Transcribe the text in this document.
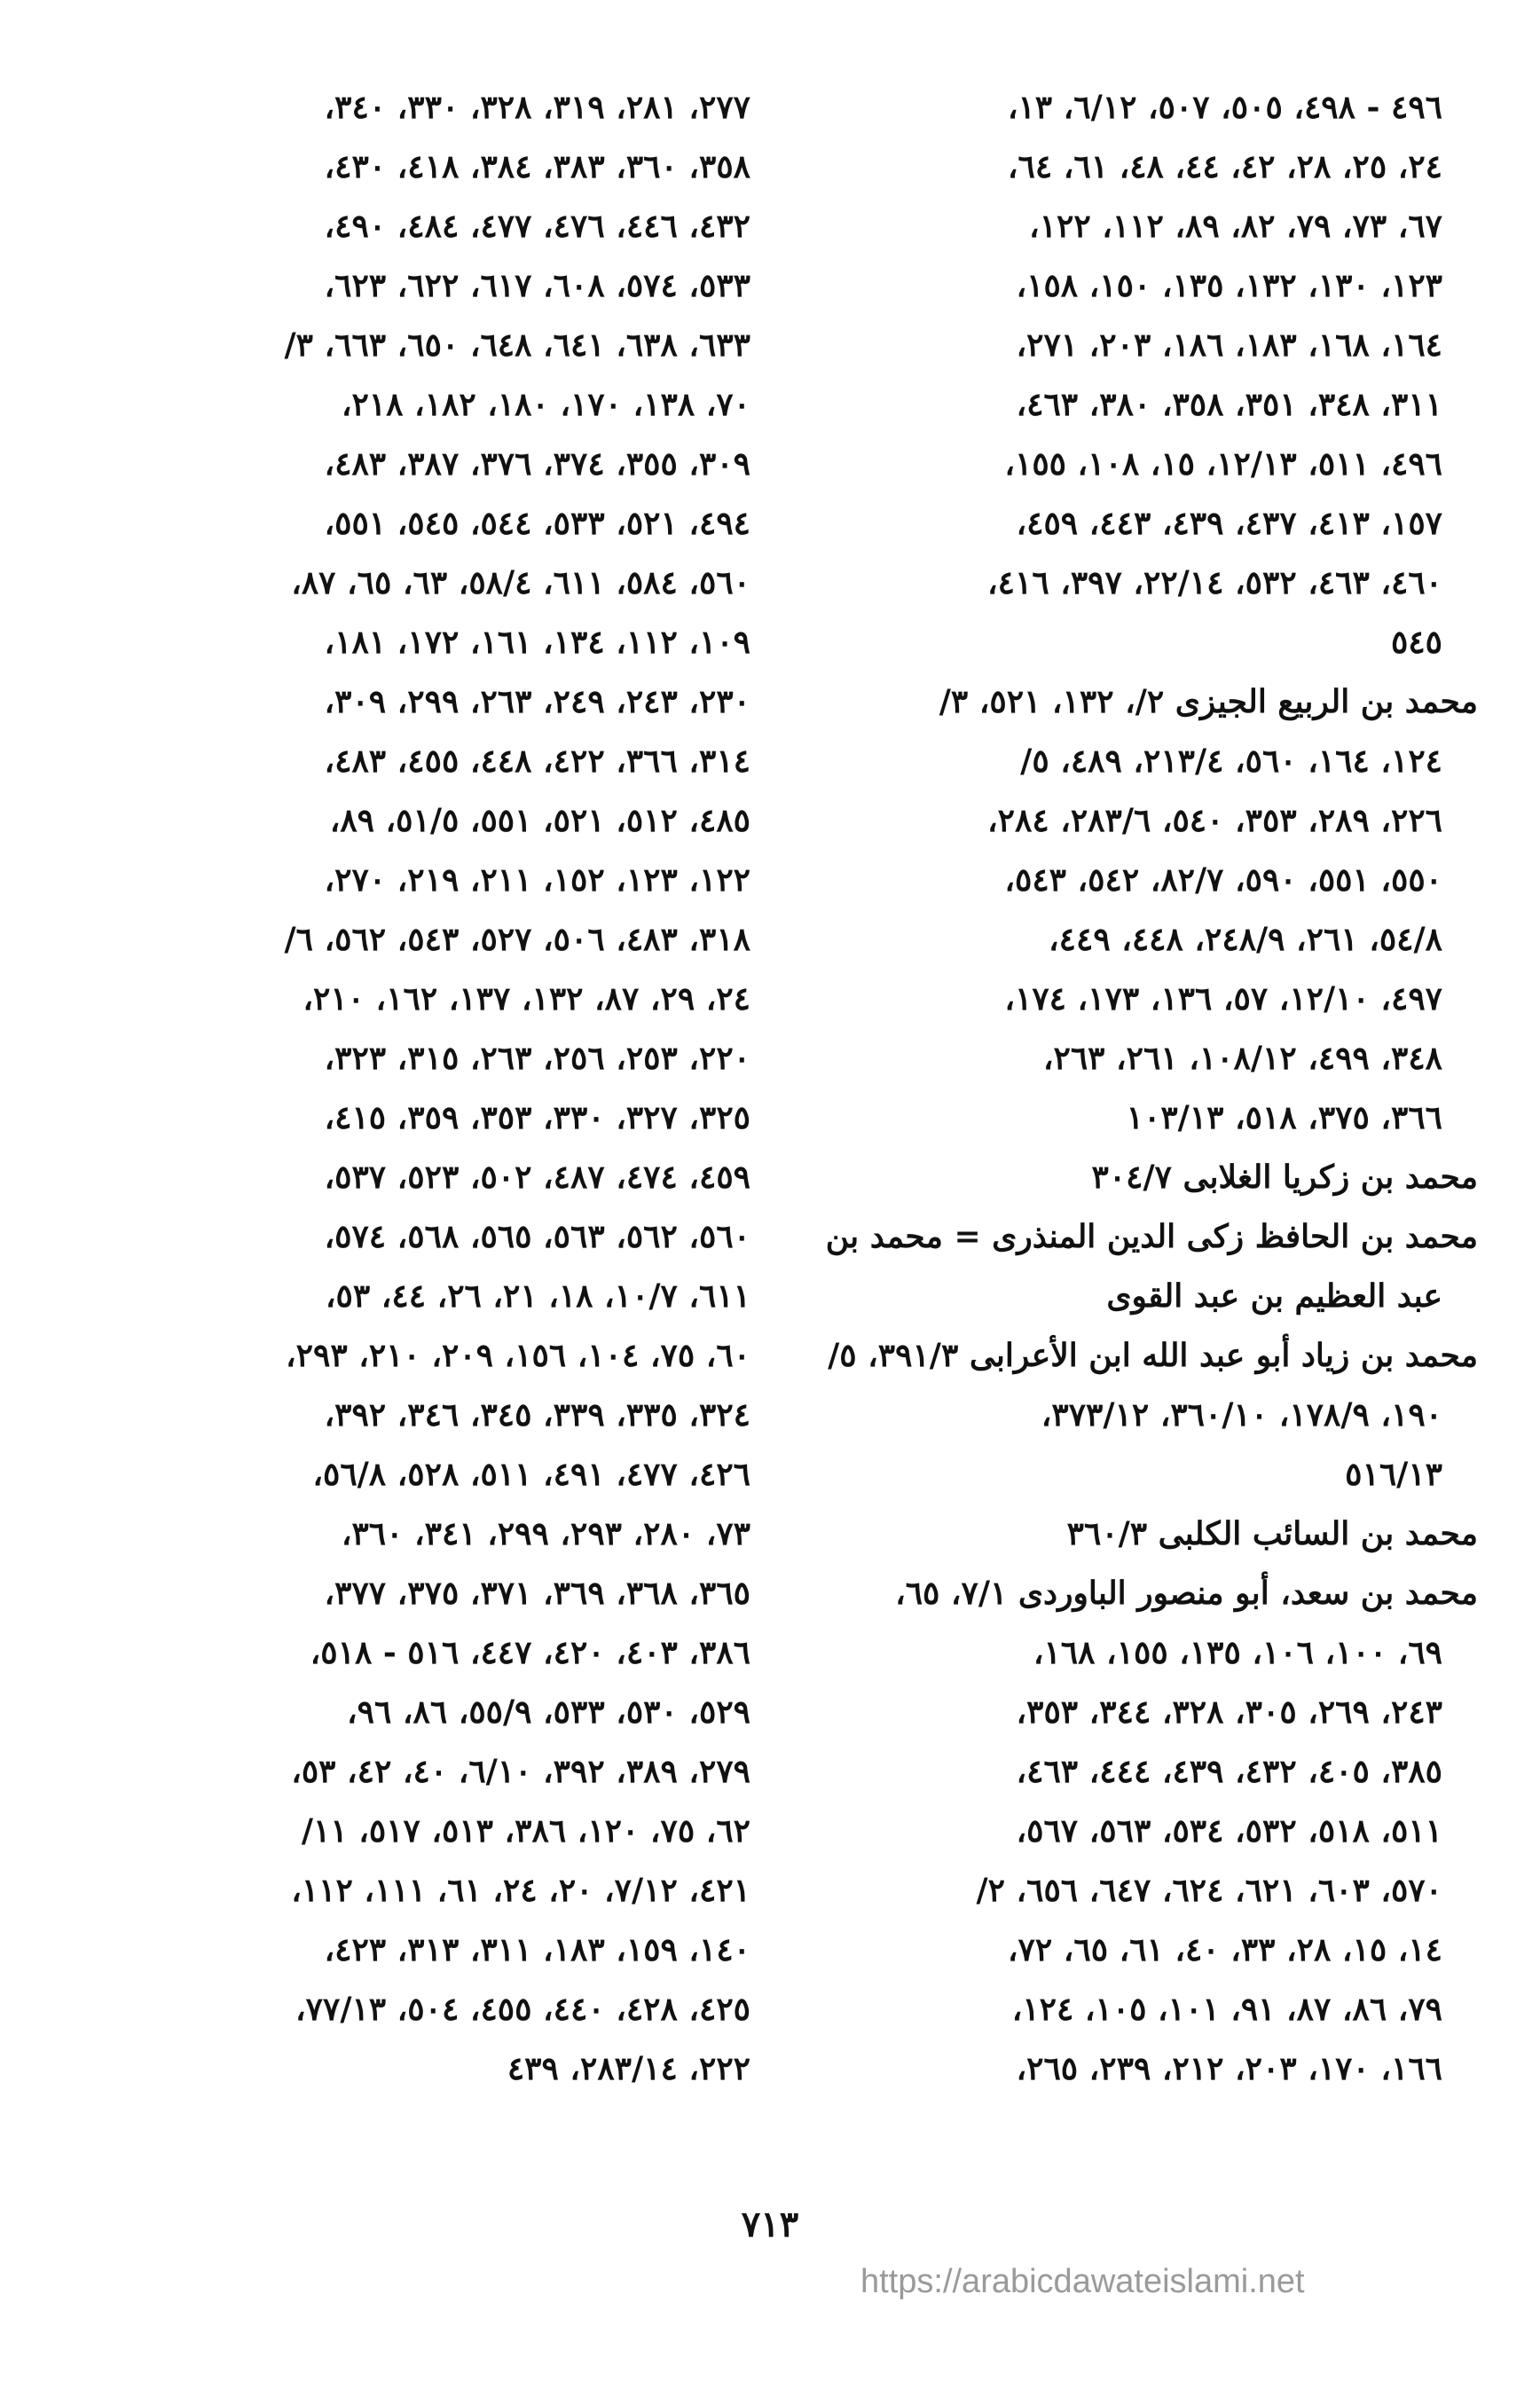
٤٩٦ - ٤٩٨، ٥٠٥، ٥٠٧، ٦/١٢، ١٣،
٢٤، ٢٥، ٢٨، ٤٢، ٤٤، ٤٨، ٦١، ٦٤،
٦٧، ٧٣، ٧٩، ٨٢، ٨٩، ١١٢، ١٢٢،
١٢٣، ١٣٠، ١٣٢، ١٣٥، ١٥٠، ١٥٨،
١٦٤، ١٦٨، ١٨٣، ١٨٦، ٢٠٣، ٢٧١،
٣١١، ٣٤٨، ٣٥١، ٣٥٨، ٣٨٠، ٤٦٣،
٤٩٦، ٥١١، ١٢/١٣، ١٥، ١٠٨، ١٥٥،
١٥٧، ٤١٣، ٤٣٧، ٤٣٩، ٤٤٣، ٤٥٩،
٤٦٠، ٤٦٣، ٥٣٢، ٢٢/١٤، ٣٩٧، ٤١٦،
٥٤٥
محمد بن الربيع الجيزى ٢/، ١٣٢، ٥٢١، ٣/
١٢٤، ١٦٤، ٥٦٠، ٢١٣/٤، ٤٨٩، ٥/
٢٢٦، ٢٨٩، ٣٥٣، ٥٤٠، ٢٨٣/٦، ٢٨٤،
٥٥٠، ٥٥١، ٥٩٠، ٨٢/٧، ٥٤٢، ٥٤٣،
٥٤/٨، ٢٦١، ٢٤٨/٩، ٤٤٨، ٤٤٩،
٤٩٧، ١٢/١٠، ٥٧، ١٣٦، ١٧٣، ١٧٤،
٣٤٨، ٤٩٩، ١٠٨/١٢، ٢٦١، ٢٦٣،
٣٦٦، ٣٧٥، ٥١٨، ١٠٣/١٣
محمد بن زكريا الغلابى ٣٠٤/٧
محمد بن الحافظ زكى الدين المنذرى = محمد بن
عبد العظيم بن عبد القوى
محمد بن زياد أبو عبد الله ابن الأعرابى ٣٩١/٣، ٥/
١٩٠، ١٧٨/٩، ٣٦٠/١٠، ٣٧٣/١٢،
٥١٦/١٣
محمد بن السائب الكلبى ٣٦٠/٣
محمد بن سعد، أبو منصور الباوردى ٧/١، ٦٥،
٦٩، ١٠٠، ١٠٦، ١٣٥، ١٥٥، ١٦٨،
٢٤٣، ٢٦٩، ٣٠٥، ٣٢٨، ٣٤٤، ٣٥٣،
٣٨٥، ٤٠٥، ٤٣٢، ٤٣٩، ٤٤٤، ٤٦٣،
٥١١، ٥١٨، ٥٣٢، ٥٣٤، ٥٦٣، ٥٦٧،
٥٧٠، ٦٠٣، ٦٢١، ٦٢٤، ٦٤٧، ٦٥٦، ٢/
١٤، ١٥، ٢٨، ٣٣، ٤٠، ٦١، ٦٥، ٧٢،
٧٩، ٨٦، ٨٧، ٩١، ١٠١، ١٠٥، ١٢٤،
١٦٦، ١٧٠، ٢٠٣، ٢١٢، ٢٣٩، ٢٦٥،
٢٧٧، ٢٨١، ٣١٩، ٣٢٨، ٣٣٠، ٣٤٠،
٣٥٨، ٣٦٠، ٣٨٣، ٣٨٤، ٤١٨، ٤٣٠،
٤٣٢، ٤٤٦، ٤٧٦، ٤٧٧، ٤٨٤، ٤٩٠،
٥٣٣، ٥٧٤، ٦٠٨، ٦١٧، ٦٢٢، ٦٢٣،
٦٣٣، ٦٣٨، ٦٤١، ٦٤٨، ٦٥٠، ٦٦٣، ٣/
٧٠، ١٣٨، ١٧٠، ١٨٠، ١٨٢، ٢١٨،
٣٠٩، ٣٥٥، ٣٧٤، ٣٧٦، ٣٨٧، ٤٨٣،
٤٩٤، ٥٢١، ٥٣٣، ٥٤٤، ٥٤٥، ٥٥١،
٥٦٠، ٥٨٤، ٦١١، ٥٨/٤، ٦٣، ٦٥، ٨٧،
١٠٩، ١١٢، ١٣٤، ١٦١، ١٧٢، ١٨١،
٢٣٠، ٢٤٣، ٢٤٩، ٢٦٣، ٢٩٩، ٣٠٩،
٣١٤، ٣٦٦، ٤٢٢، ٤٤٨، ٤٥٥، ٤٨٣،
٤٨٥، ٥١٢، ٥٢١، ٥٥١، ٥١/٥، ٨٩،
١٢٢، ١٢٣، ١٥٢، ٢١١، ٢١٩، ٢٧٠،
٣١٨، ٤٨٣، ٥٠٦، ٥٢٧، ٥٤٣، ٥٦٢، ٦/
٢٤، ٢٩، ٨٧، ١٣٢، ١٣٧، ١٦٢، ٢١٠،
٢٢٠، ٢٥٣، ٢٥٦، ٢٦٣، ٣١٥، ٣٢٣،
٣٢٥، ٣٢٧، ٣٣٠، ٣٥٣، ٣٥٩، ٤١٥،
٤٥٩، ٤٧٤، ٤٨٧، ٥٠٢، ٥٢٣، ٥٣٧،
٥٦٠، ٥٦٢، ٥٦٣، ٥٦٥، ٥٦٨، ٥٧٤،
٦١١، ١٠/٧، ١٨، ٢١، ٢٦، ٤٤، ٥٣،
٦٠، ٧٥، ١٠٤، ١٥٦، ٢٠٩، ٢١٠، ٢٩٣،
٣٢٤، ٣٣٥، ٣٣٩، ٣٤٥، ٣٤٦، ٣٩٢،
٤٢٦، ٤٧٧، ٤٩١، ٥١١، ٥٢٨، ٥٦/٨،
٧٣، ٢٨٠، ٢٩٣، ٢٩٩، ٣٤١، ٣٦٠،
٣٦٥، ٣٦٨، ٣٦٩، ٣٧١، ٣٧٥، ٣٧٧،
٣٨٦، ٤٠٣، ٤٢٠، ٤٤٧، ٥١٦ - ٥١٨،
٥٢٩، ٥٣٠، ٥٣٣، ٥٥/٩، ٨٦، ٩٦،
٢٧٩، ٣٨٩، ٣٩٢، ٦/١٠، ٤٠، ٤٢، ٥٣،
٦٢، ٧٥، ١٢٠، ٣٨٦، ٥١٣، ٥١٧، ١١/
٤٢١، ٧/١٢، ٢٠، ٢٤، ٦١، ١١١، ١١٢،
١٤٠، ١٥٩، ١٨٣، ٣١١، ٣١٣، ٤٢٣،
٤٢٥، ٤٢٨، ٤٤٠، ٤٥٥، ٥٠٤، ٧٧/١٣،
٢٢٢، ٢٨٣/١٤، ٤٣٩
٧١٣
https://arabicdawateislami.net
